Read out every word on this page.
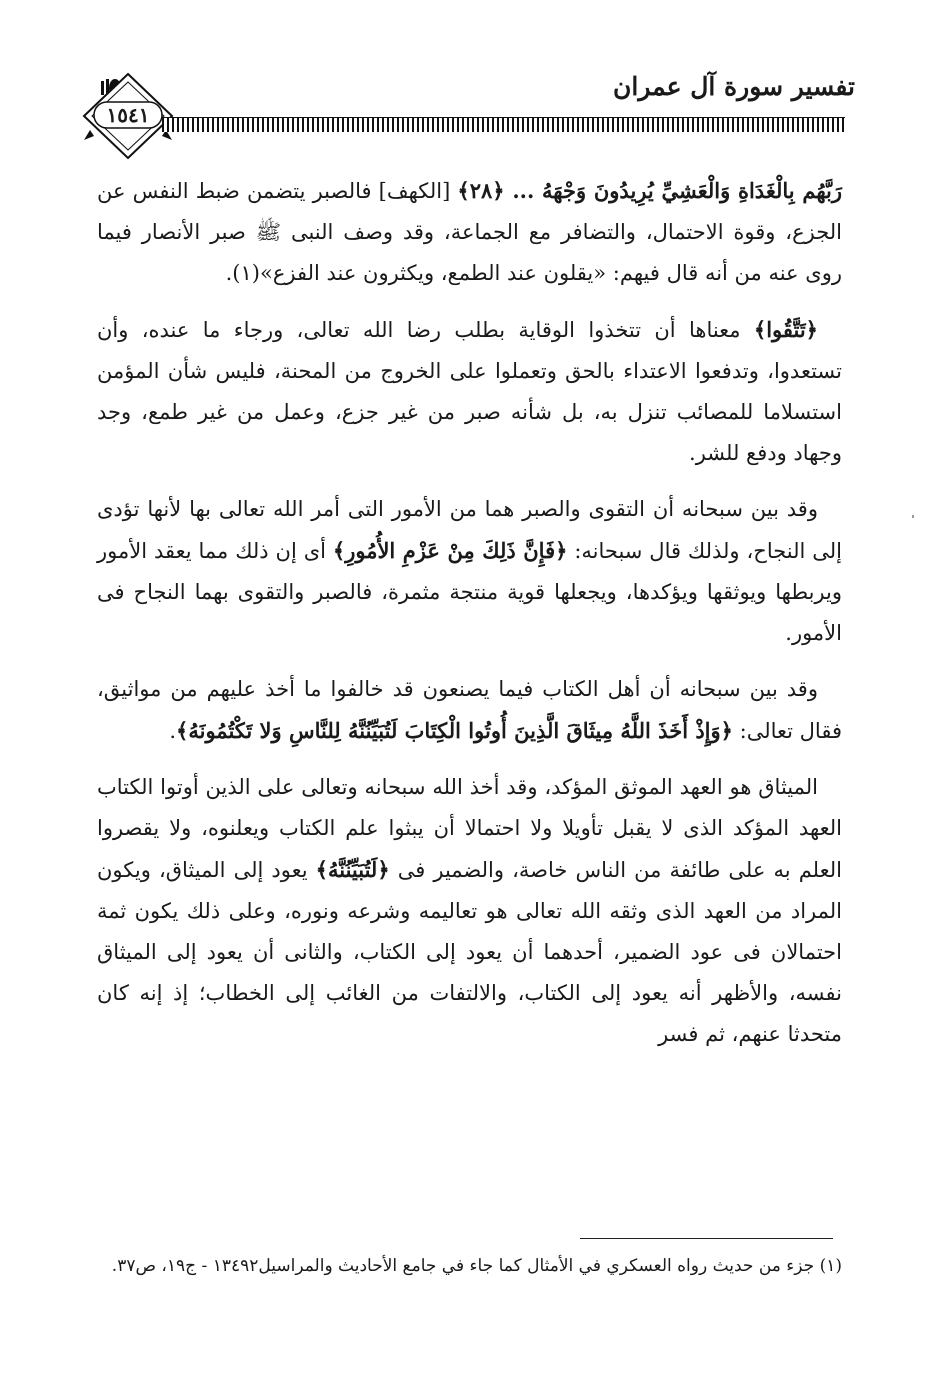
تفسير سورة آل عمران
١٥٤١

رَبَّهُم بِالْغَدَاةِ وَالْعَشِيِّ يُرِيدُونَ وَجْهَهُ ... ﴿٢٨﴾ [الكهف] فالصبر يتضمن ضبط النفس عن الجزع، وقوة الاحتمال، والتضافر مع الجماعة، وقد وصف النبى ﷺ صبر الأنصار فيما روى عنه من أنه قال فيهم: «يقلون عند الطمع، ويكثرون عند الفزع»(١).

﴿تَتَّقُوا﴾ معناها أن تتخذوا الوقاية بطلب رضا الله تعالى، ورجاء ما عنده، وأن تستعدوا، وتدفعوا الاعتداء بالحق وتعملوا على الخروج من المحنة، فليس شأن المؤمن استسلاما للمصائب تنزل به، بل شأنه صبر من غير جزع، وعمل من غير طمع، وجد وجهاد ودفع للشر.

وقد بين سبحانه أن التقوى والصبر هما من الأمور التى أمر الله تعالى بها لأنها تؤدى إلى النجاح، ولذلك قال سبحانه: ﴿فَإِنَّ ذَلِكَ مِنْ عَزْمِ الأُمُورِ﴾ أى إن ذلك مما يعقد الأمور ويربطها ويوثقها ويؤكدها، ويجعلها قوية منتجة مثمرة، فالصبر والتقوى بهما النجاح فى الأمور.

وقد بين سبحانه أن أهل الكتاب فيما يصنعون قد خالفوا ما أخذ عليهم من مواثيق، فقال تعالى: ﴿وَإِذْ أَخَذَ اللَّهُ مِيثَاقَ الَّذِينَ أُوتُوا الْكِتَابَ لَتُبَيِّنُنَّهُ لِلنَّاسِ وَلا تَكْتُمُونَهُ﴾.

الميثاق هو العهد الموثق المؤكد، وقد أخذ الله سبحانه وتعالى على الذين أوتوا الكتاب العهد المؤكد الذى لا يقبل تأويلا ولا احتمالا أن يبثوا علم الكتاب ويعلنوه، ولا يقصروا العلم به على طائفة من الناس خاصة، والضمير فى ﴿لَتُبَيِّنُنَّهُ﴾ يعود إلى الميثاق، ويكون المراد من العهد الذى وثقه الله تعالى هو تعاليمه وشرعه ونوره، وعلى ذلك يكون ثمة احتمالان فى عود الضمير، أحدهما أن يعود إلى الكتاب، والثانى أن يعود إلى الميثاق نفسه، والأظهر أنه يعود إلى الكتاب، والالتفات من الغائب إلى الخطاب؛ إذ إنه كان متحدثا عنهم، ثم فسر

(١) جزء من حديث رواه العسكري في الأمثال كما جاء في جامع الأحاديث والمراسيل١٣٤٩٢ - ج١٩، ص٣٧.
